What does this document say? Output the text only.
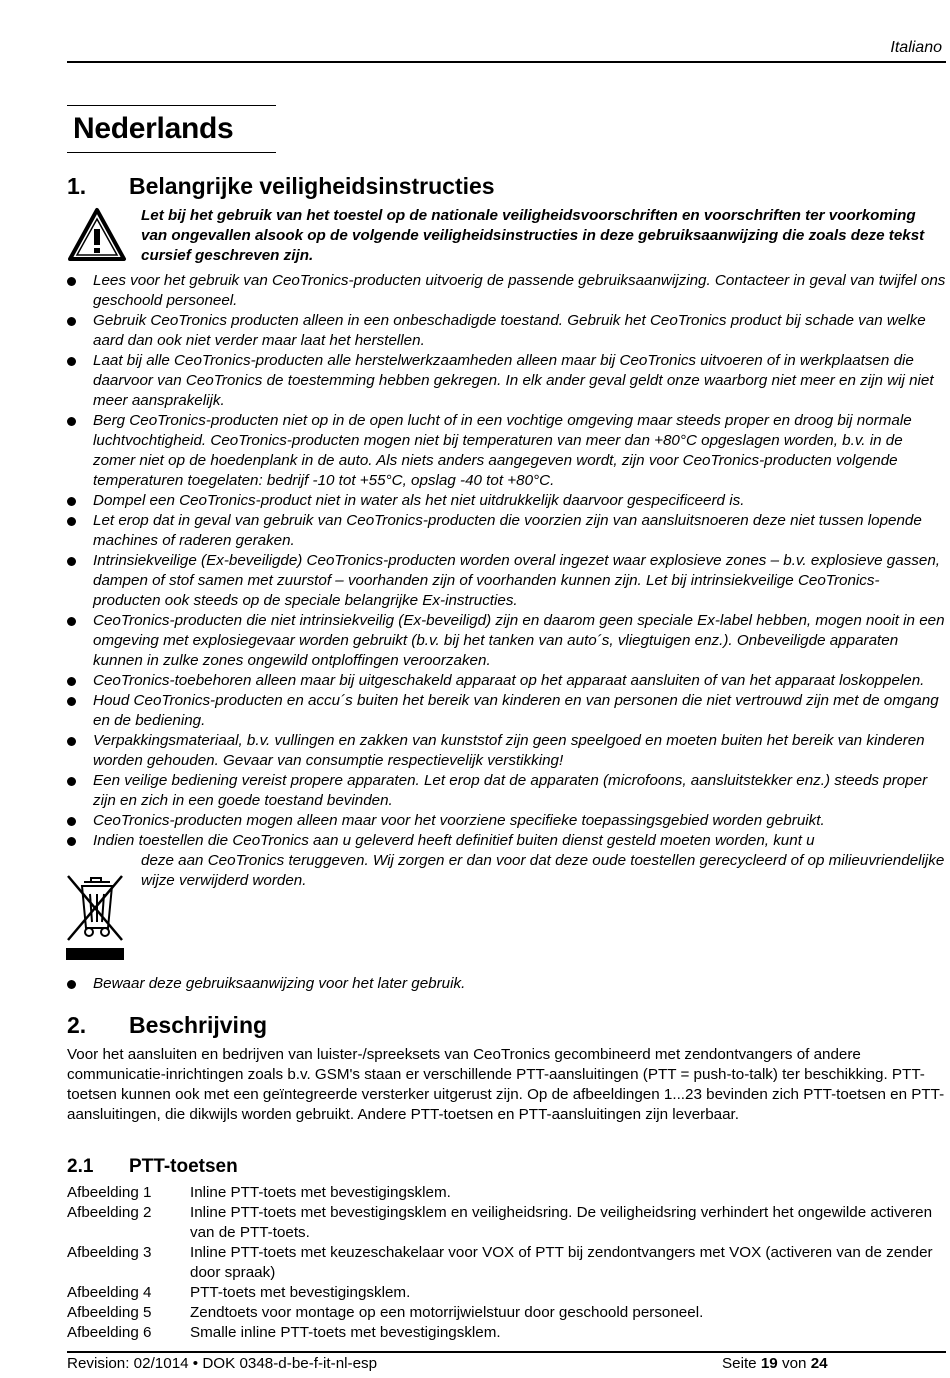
Italiano
Nederlands
1. Belangrijke veiligheidsinstructies
Let bij het gebruik van het toestel op de nationale veiligheidsvoorschriften en voorschriften ter voorkoming van ongevallen alsook op de volgende veiligheidsinstructies in deze gebruiksaanwijzing die zoals deze tekst cursief geschreven zijn.
Lees voor het gebruik van CeoTronics-producten uitvoerig de passende gebruiksaanwijzing. Contacteer in geval van twijfel ons geschoold personeel.
Gebruik CeoTronics producten alleen in een onbeschadigde toestand. Gebruik het CeoTronics product bij schade van welke aard dan ook niet verder maar laat het herstellen.
Laat bij alle CeoTronics-producten alle herstelwerkzaamheden alleen maar bij CeoTronics uitvoeren of in werkplaatsen die daarvoor van CeoTronics de toestemming hebben gekregen. In elk ander geval geldt onze waarborg niet meer en zijn wij niet meer aansprakelijk.
Berg CeoTronics-producten niet op in de open lucht of in een vochtige omgeving maar steeds proper en droog bij normale luchtvochtigheid. CeoTronics-producten mogen niet bij temperaturen van meer dan +80°C opgeslagen worden, b.v. in de zomer niet op de hoedenplank in de auto. Als niets anders aangegeven wordt, zijn voor CeoTronics-producten volgende temperaturen toegelaten: bedrijf -10 tot +55°C, opslag -40 tot +80°C.
Dompel een CeoTronics-product niet in water als het niet uitdrukkelijk daarvoor gespecificeerd is.
Let erop dat in geval van gebruik van CeoTronics-producten die voorzien zijn van aansluitsnoeren deze niet tussen lopende machines of raderen geraken.
Intrinsiekveilige (Ex-beveiligde) CeoTronics-producten worden overal ingezet waar explosieve zones – b.v. explosieve gassen, dampen of stof samen met zuurstof – voorhanden zijn of voorhanden kunnen zijn. Let bij intrinsiekveilige CeoTronics-producten ook steeds op de speciale belangrijke Ex-instructies.
CeoTronics-producten die niet intrinsiekveilig (Ex-beveiligd) zijn en daarom geen speciale Ex-label hebben, mogen nooit in een omgeving met explosiegevaar worden gebruikt (b.v. bij het tanken van auto´s, vliegtuigen enz.). Onbeveiligde apparaten kunnen in zulke zones ongewild ontploffingen veroorzaken.
CeoTronics-toebehoren alleen maar bij uitgeschakeld apparaat op het apparaat aansluiten of van het apparaat loskoppelen.
Houd CeoTronics-producten en accu´s buiten het bereik van kinderen en van personen die niet vertrouwd zijn met de omgang en de bediening.
Verpakkingsmateriaal, b.v. vullingen en zakken van kunststof zijn geen speelgoed en moeten buiten het bereik van kinderen worden gehouden. Gevaar van consumptie respectievelijk verstikking!
Een veilige bediening vereist propere apparaten. Let erop dat de apparaten (microfoons, aansluitstekker enz.) steeds proper zijn en zich in een goede toestand bevinden.
CeoTronics-producten mogen alleen maar voor het voorziene specifieke toepassingsgebied worden gebruikt.
Indien toestellen die CeoTronics aan u geleverd heeft definitief buiten dienst gesteld moeten worden, kunt u
deze aan CeoTronics teruggeven. Wij zorgen er dan voor dat deze oude toestellen gerecycleerd of op milieuvriendelijke wijze verwijderd worden.
Bewaar deze gebruiksaanwijzing voor het later gebruik.
2. Beschrijving
Voor het aansluiten en bedrijven van luister-/spreeksets van CeoTronics gecombineerd met zendontvangers of andere communicatie-inrichtingen zoals b.v. GSM's staan er verschillende PTT-aansluitingen (PTT = push-to-talk) ter beschikking. PTT-toetsen kunnen ook met een geïntegreerde versterker uitgerust zijn. Op de afbeeldingen 1...23 bevinden zich PTT-toetsen en PTT-aansluitingen, die dikwijls worden gebruikt. Andere PTT-toetsen en PTT-aansluitingen zijn leverbaar.
2.1 PTT-toetsen
Afbeelding 1	Inline PTT-toets met bevestigingsklem.
Afbeelding 2	Inline PTT-toets met bevestigingsklem en veiligheidsring. De veiligheidsring verhindert het ongewilde activeren van de PTT-toets.
Afbeelding 3	Inline PTT-toets met keuzeschakelaar voor VOX of PTT bij zendontvangers met VOX (activeren van de zender door spraak)
Afbeelding 4	PTT-toets met bevestigingsklem.
Afbeelding 5	Zendtoets voor montage op een motorrijwielstuur door geschoold personeel.
Afbeelding 6	Smalle inline PTT-toets met bevestigingsklem.
Revision: 02/1014 • DOK 0348-d-be-f-it-nl-esp	Seite 19 von 24
